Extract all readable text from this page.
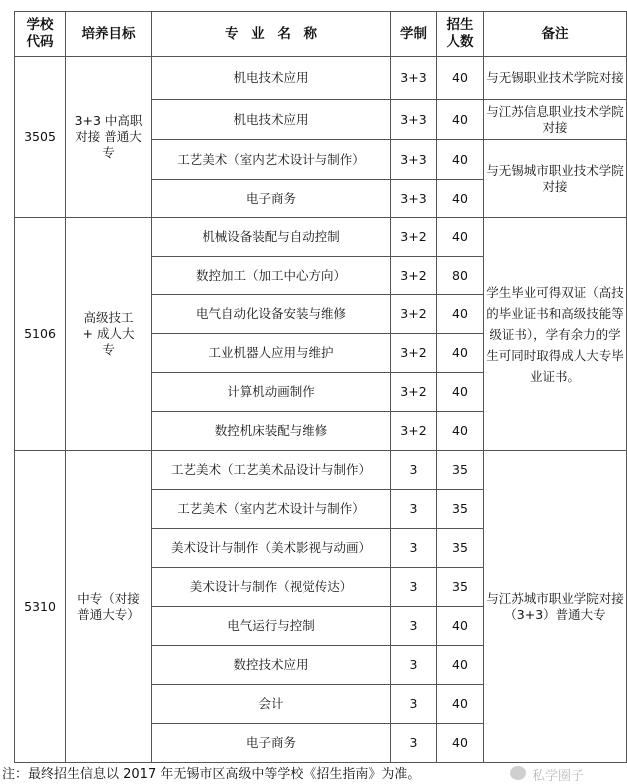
学校代码	培养目标	专 业 名 称	学制	招生人数	备注
3505	3+3 中高职对接 普通大专	机电技术应用	3+3	40	与无锡职业技术学院对接
		机电技术应用	3+3	40	与江苏信息职业技术学院对接
		工艺美术（室内艺术设计与制作）	3+3	40	与无锡城市职业技术学院对接
		电子商务	3+3	40	
5106	高级技工 + 成人大专	机械设备装配与自动控制	3+2	40	学生毕业可得双证（高技的毕业证书和高级技能等级证书），学有余力的学生可同时取得成人大专毕业证书。
		数控加工（加工中心方向）	3+2	80	
		电气自动化设备安装与维修	3+2	40	
		工业机器人应用与维护	3+2	40	
		计算机动画制作	3+2	40	
		数控机床装配与维修	3+2	40	
5310	中专（对接普通大专）	工艺美术（工艺美术品设计与制作）	3	35	与江苏城市职业学院对接（3+3）普通大专
		工艺美术（室内艺术设计与制作）	3	35	
		美术设计与制作（美术影视与动画）	3	35	
		美术设计与制作（视觉传达）	3	35	
		电气运行与控制	3	40	
		数控技术应用	3	40	
		会计	3	40	
		电子商务	3	40	
注：最终招生信息以 2017 年无锡市区高级中等学校《招生指南》为准。	私学圈子
